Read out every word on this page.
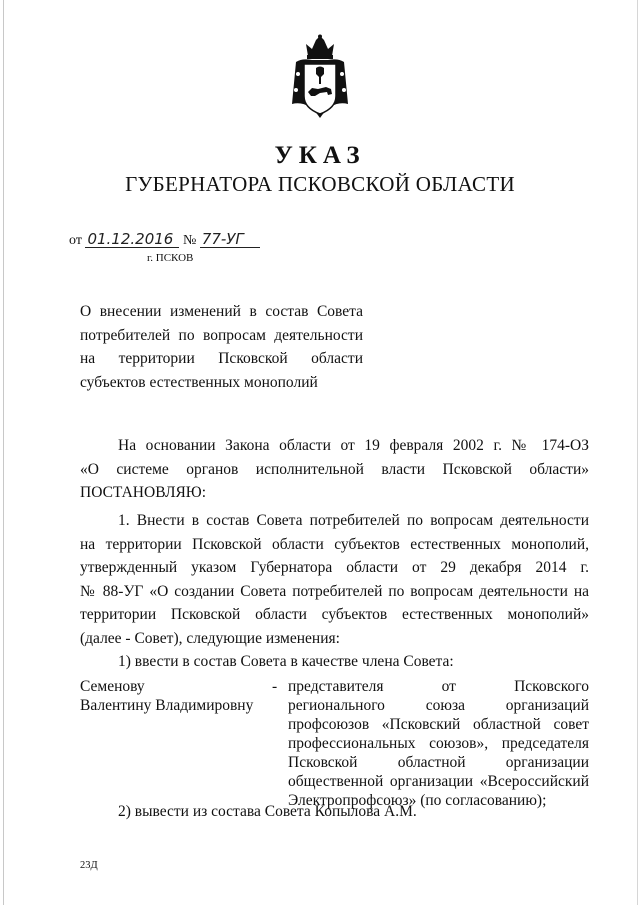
УКАЗ
ГУБЕРНАТОРА ПСКОВСКОЙ ОБЛАСТИ
от 01.12.2016 № 77-УГ
г. ПСКОВ
О внесении изменений в состав Совета
потребителей по вопросам деятельности
на территории Псковской области
субъектов естественных монополий
На основании Закона области от 19 февраля 2002 г. № 174-ОЗ
«О системе органов исполнительной власти Псковской области»
ПОСТАНОВЛЯЮ:
1. Внести в состав Совета потребителей по вопросам деятельности
на территории Псковской области субъектов естественных монополий,
утвержденный указом Губернатора области от 29 декабря 2014 г.
№ 88-УГ «О создании Совета потребителей по вопросам деятельности на
территории Псковской области субъектов естественных монополий»
(далее - Совет), следующие изменения:
1) ввести в состав Совета в качестве члена Совета:
Семенову
Валентину Владимировну
- представителя от Псковского
регионального союза организаций
профсоюзов «Псковский областной совет
профессиональных союзов», председателя
Псковской областной организации
общественной организации «Всероссийский
Электропрофсоюз» (по согласованию);
2) вывести из состава Совета Копылова А.М.
23Д
